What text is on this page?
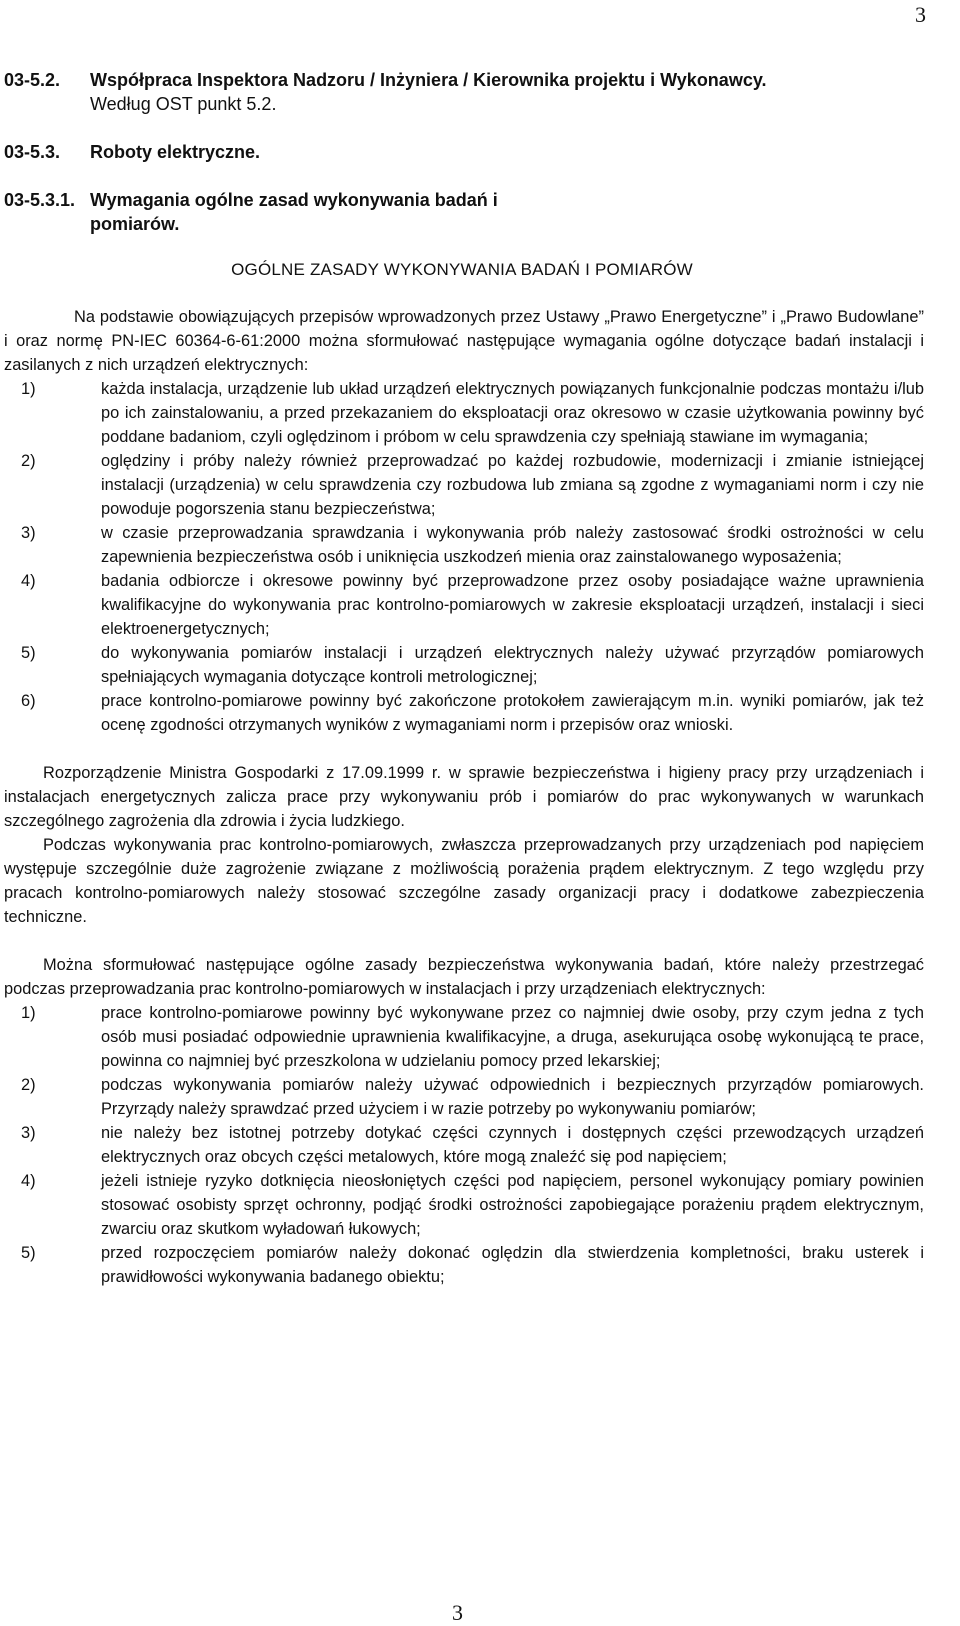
3
03-5.2.	Współpraca Inspektora Nadzoru / Inżyniera / Kierownika projektu i Wykonawcy.
Według OST punkt 5.2.
03-5.3.	Roboty elektryczne.
03-5.3.1. Wymagania ogólne zasad wykonywania badań i pomiarów.
OGÓLNE ZASADY WYKONYWANIA BADAŃ I POMIARÓW

Na podstawie obowiązujących przepisów wprowadzonych przez Ustawy „Prawo Energetyczne” i „Prawo Budowlane” i oraz normę PN-IEC 60364-6-61:2000 można sformułować następujące wymagania ogólne dotyczące badań instalacji i zasilanych z nich urządzeń elektrycznych:

1)	każda instalacja, urządzenie lub układ urządzeń elektrycznych powiązanych funkcjonalnie podczas montażu i/lub po ich zainstalowaniu, a przed przekazaniem do eksploatacji oraz okresowo w czasie użytkowania powinny być poddane badaniom, czyli oględzinom i próbom w celu sprawdzenia czy spełniają stawiane im wymagania;
2)	oględziny i próby należy również przeprowadzać po każdej rozbudowie, modernizacji i zmianie istniejącej instalacji (urządzenia) w celu sprawdzenia czy rozbudowa lub zmiana są zgodne z wymaganiami norm i czy nie powoduje pogorszenia stanu bezpieczeństwa;
3)	w czasie przeprowadzania sprawdzania i wykonywania prób należy zastosować środki ostrożności w celu zapewnienia bezpieczeństwa osób i uniknięcia uszkodzeń mienia oraz zainstalowanego wyposażenia;
4)	badania odbiorcze i okresowe powinny być przeprowadzone przez osoby posiadające ważne uprawnienia kwalifikacyjne do wykonywania prac kontrolno-pomiarowych w zakresie eksploatacji urządzeń, instalacji i sieci elektroenergetycznych;
5)	do wykonywania pomiarów instalacji i urządzeń elektrycznych należy używać przyrządów pomiarowych spełniających wymagania dotyczące kontroli metrologicznej;
6)	prace kontrolno-pomiarowe powinny być zakończone protokołem zawierającym m.in. wyniki pomiarów, jak też ocenę zgodności otrzymanych wyników z wymaganiami norm i przepisów oraz wnioski.

Rozporządzenie Ministra Gospodarki z 17.09.1999 r. w sprawie bezpieczeństwa i higieny pracy przy urządzeniach i instalacjach energetycznych zalicza prace przy wykonywaniu prób i pomiarów do prac wykonywanych w warunkach szczególnego zagrożenia dla zdrowia i życia ludzkiego.

Podczas wykonywania prac kontrolno-pomiarowych, zwłaszcza przeprowadzanych przy urządzeniach pod napięciem występuje szczególnie duże zagrożenie związane z możliwością porażenia prądem elektrycznym. Z tego względu przy pracach kontrolno-pomiarowych należy stosować szczególne zasady organizacji pracy i dodatkowe zabezpieczenia techniczne.

Można sformułować następujące ogólne zasady bezpieczeństwa wykonywania badań, które należy przestrzegać podczas przeprowadzania prac kontrolno-pomiarowych w instalacjach i przy urządzeniach elektrycznych:

1)	prace kontrolno-pomiarowe powinny być wykonywane przez co najmniej dwie osoby, przy czym jedna z tych osób musi posiadać odpowiednie uprawnienia kwalifikacyjne, a druga, asekurująca osobę wykonującą te prace, powinna co najmniej być przeszkolona w udzielaniu pomocy przed lekarskiej;
2)	podczas wykonywania pomiarów należy używać odpowiednich i bezpiecznych przyrządów pomiarowych. Przyrządy należy sprawdzać przed użyciem i w razie potrzeby po wykonywaniu pomiarów;
3)	nie należy bez istotnej potrzeby dotykać części czynnych i dostępnych części przewodzących urządzeń elektrycznych oraz obcych części metalowych, które mogą znaleźć się pod napięciem;
4)	jeżeli istnieje ryzyko dotknięcia nieosłoniętych części pod napięciem, personel wykonujący pomiary powinien stosować osobisty sprzęt ochronny, podjąć środki ostrożności zapobiegające porażeniu prądem elektrycznym, zwarciu oraz skutkom wyładowań łukowych;
5)	przed rozpoczęciem pomiarów należy dokonać oględzin dla stwierdzenia kompletności, braku usterek i prawidłowości wykonywania badanego obiektu;
3
